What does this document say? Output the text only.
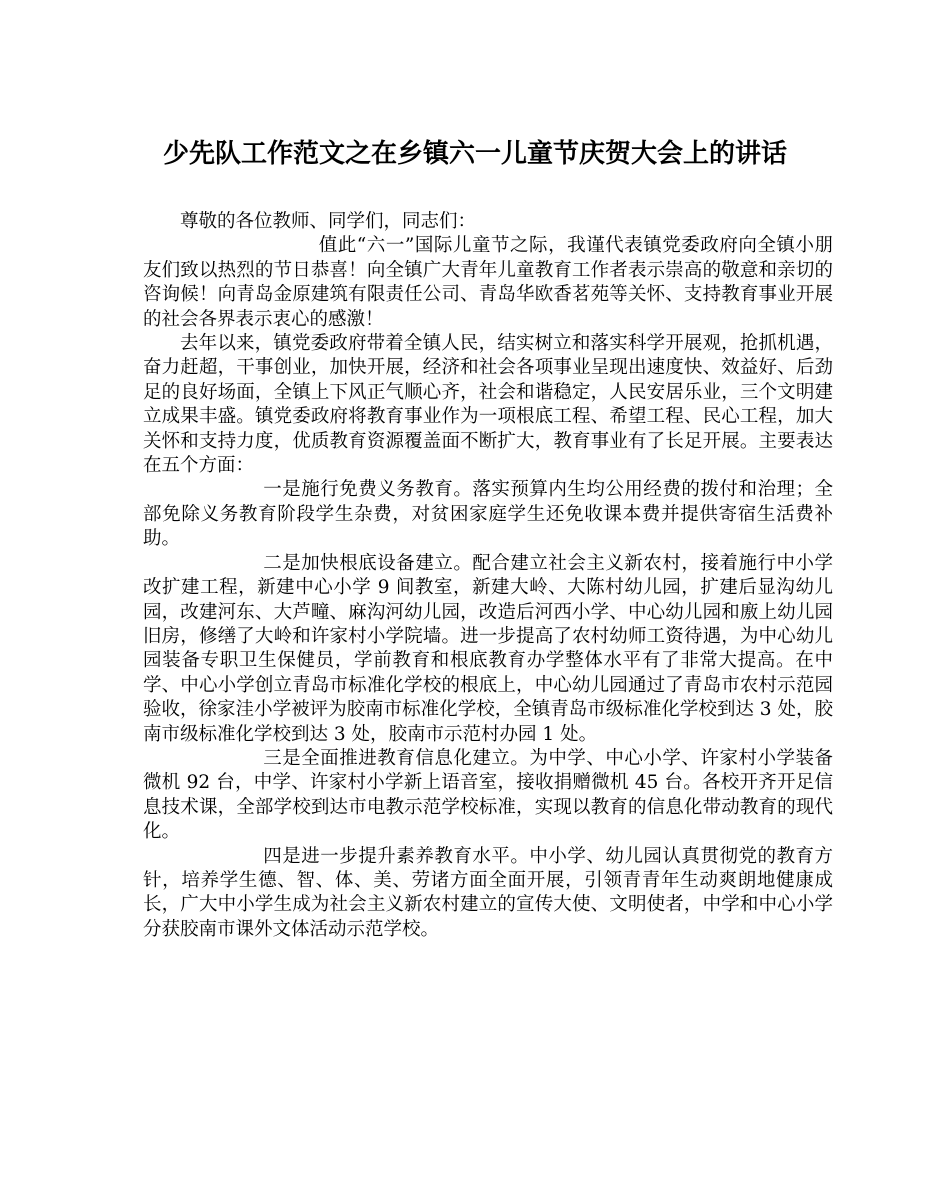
少先队工作范文之在乡镇六一儿童节庆贺大会上的讲话

尊敬的各位教师、同学们，同志们：

值此“六一”国际儿童节之际，我谨代表镇党委政府向全镇小朋友们致以热烈的节日恭喜！向全镇广大青年儿童教育工作者表示崇高的敬意和亲切的咨询候！向青岛金原建筑有限责任公司、青岛华欧香茗苑等关怀、支持教育事业开展的社会各界表示衷心的感激！

去年以来，镇党委政府带着全镇人民，结实树立和落实科学开展观，抢抓机遇，奋力赶超，干事创业，加快开展，经济和社会各项事业呈现出速度快、效益好、后劲足的良好场面，全镇上下风正气顺心齐，社会和谐稳定，人民安居乐业，三个文明建立成果丰盛。镇党委政府将教育事业作为一项根底工程、希望工程、民心工程，加大关怀和支持力度，优质教育资源覆盖面不断扩大，教育事业有了长足开展。主要表达在五个方面：

一是施行免费义务教育。落实预算内生均公用经费的拨付和治理；全部免除义务教育阶段学生杂费，对贫困家庭学生还免收课本费并提供寄宿生活费补助。

二是加快根底设备建立。配合建立社会主义新农村，接着施行中小学改扩建工程，新建中心小学 9 间教室，新建大岭、大陈村幼儿园，扩建后显沟幼儿园，改建河东、大芦疃、麻沟河幼儿园，改造后河西小学、中心幼儿园和廒上幼儿园旧房，修缮了大岭和许家村小学院墙。进一步提高了农村幼师工资待遇，为中心幼儿园装备专职卫生保健员，学前教育和根底教育办学整体水平有了非常大提高。在中学、中心小学创立青岛市标准化学校的根底上，中心幼儿园通过了青岛市农村示范园验收，徐家洼小学被评为胶南市标准化学校，全镇青岛市级标准化学校到达 3 处，胶南市级标准化学校到达 3 处，胶南市示范村办园 1 处。

三是全面推进教育信息化建立。为中学、中心小学、许家村小学装备微机 92 台，中学、许家村小学新上语音室，接收捐赠微机 45 台。各校开齐开足信息技术课，全部学校到达市电教示范学校标准，实现以教育的信息化带动教育的现代化。

四是进一步提升素养教育水平。中小学、幼儿园认真贯彻党的教育方针，培养学生德、智、体、美、劳诸方面全面开展，引领青青年生动爽朗地健康成长，广大中小学生成为社会主义新农村建立的宣传大使、文明使者，中学和中心小学分获胶南市课外文体活动示范学校。
